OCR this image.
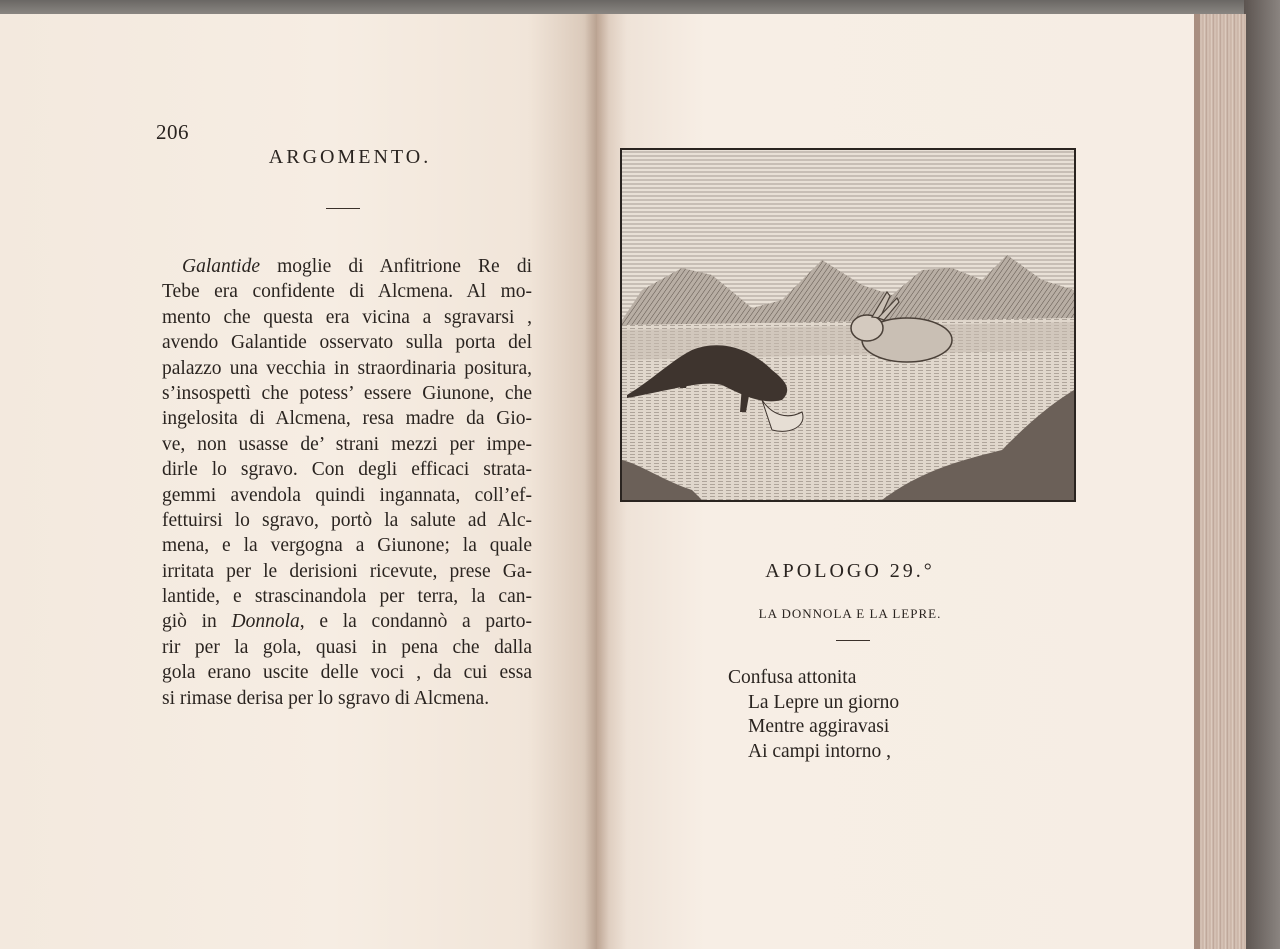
206
ARGOMENTO.
Galantide moglie di Anfitrione Re di
Tebe era confidente di Alcmena. Al mo-
mento che questa era vicina a sgravarsi ,
avendo Galantide osservato sulla porta del
palazzo una vecchia in straordinaria positura,
s’insospettì che potess’ essere Giunone, che
ingelosita di Alcmena, resa madre da Gio-
ve, non usasse de’ strani mezzi per impe-
dirle lo sgravo. Con degli efficaci strata-
gemmi avendola quindi ingannata, coll’ef-
fettuirsi lo sgravo, portò la salute ad Alc-
mena, e la vergogna a Giunone; la quale
irritata per le derisioni ricevute, prese Ga-
lantide, e strascinandola per terra, la can-
giò in Donnola, e la condannò a parto-
rir per la gola, quasi in pena che dalla
gola erano uscite delle voci , da cui essa
si rimase derisa per lo sgravo di Alcmena.
APOLOGO 29.°
LA DONNOLA E LA LEPRE.
Confusa attonita
La Lepre un giorno
Mentre aggiravasi
Ai campi intorno ,
